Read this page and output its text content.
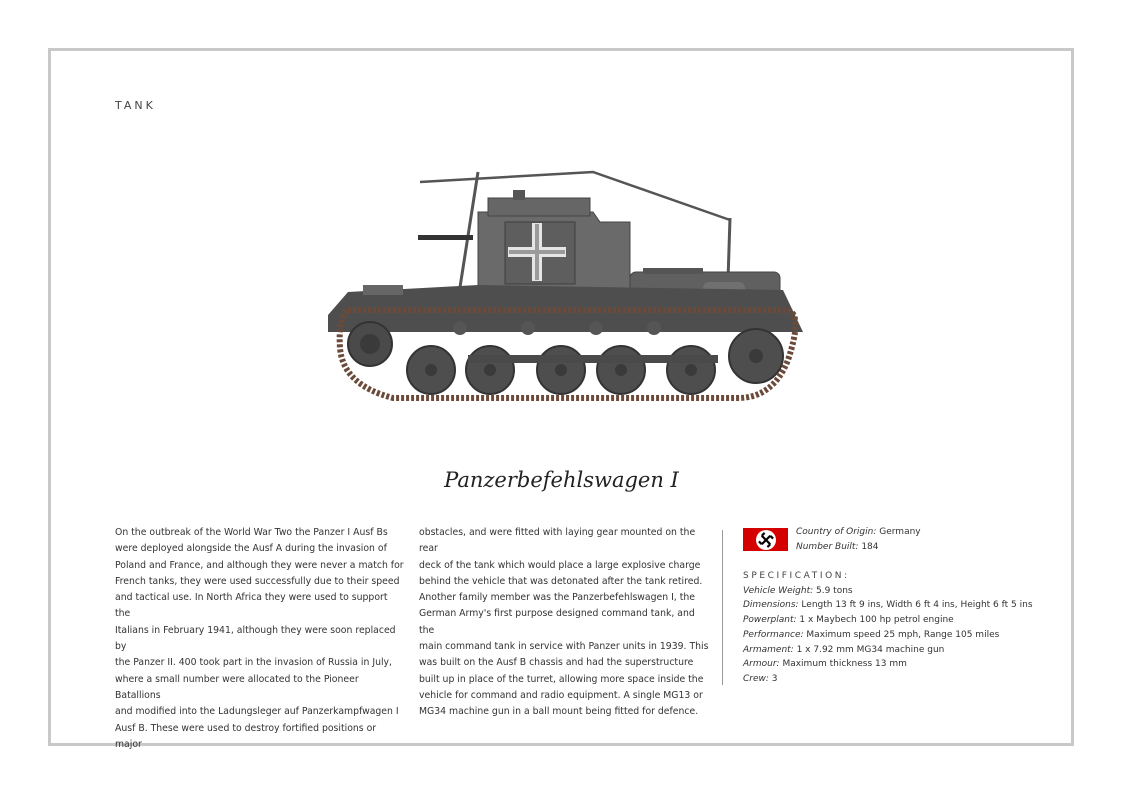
TANK
Panzerbefehlswagen I
On the outbreak of the World War Two the Panzer I Ausf Bs
were deployed alongside the Ausf A during the invasion of
Poland and France, and although they were never a match for
French tanks, they were used successfully due to their speed
and tactical use. In North Africa they were used to support the
Italians in February 1941, although they were soon replaced by
the Panzer II. 400 took part in the invasion of Russia in July,
where a small number were allocated to the Pioneer Batallions
and modified into the Ladungsleger auf Panzerkampfwagen I
Ausf B. These were used to destroy fortified positions or major
obstacles, and were fitted with laying gear mounted on the rear
deck of the tank which would place a large explosive charge
behind the vehicle that was detonated after the tank retired.
Another family member was the Panzerbefehlswagen I, the
German Army's first purpose designed command tank, and the
main command tank in service with Panzer units in 1939. This
was built on the Ausf B chassis and had the superstructure
built up in place of the turret, allowing more space inside the
vehicle for command and radio equipment. A single MG13 or
MG34 machine gun in a ball mount being fitted for defence.
Country of Origin: Germany
Number Built: 184
SPECIFICATION:
Vehicle Weight: 5.9 tons
Dimensions: Length 13 ft 9 ins, Width 6 ft 4 ins, Height 6 ft 5 ins
Powerplant: 1 x Maybech 100 hp petrol engine
Performance: Maximum speed 25 mph, Range 105 miles
Armament: 1 x 7.92 mm MG34 machine gun
Armour: Maximum thickness 13 mm
Crew: 3
